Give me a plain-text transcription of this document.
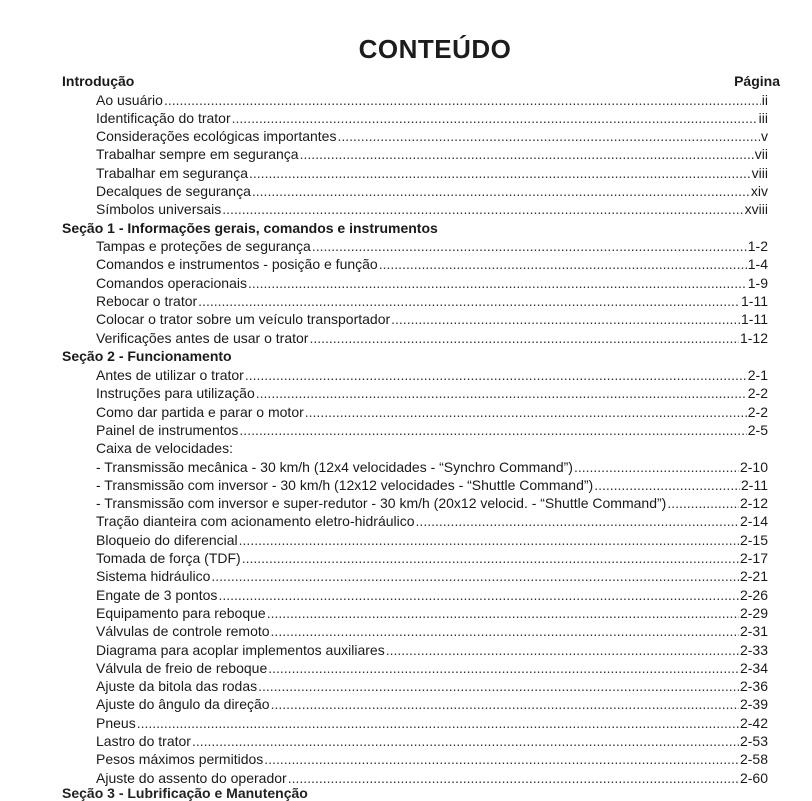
CONTEÚDO
Introdução	Página
Ao usuário .....	ii
Identificação do trator .....	iii
Considerações ecológicas importantes .....	v
Trabalhar sempre em segurança .....	vii
Trabalhar em segurança .....	viii
Decalques de segurança .....	xiv
Símbolos universais .....	xviii
Seção 1 - Informações gerais, comandos e instrumentos
Tampas e proteções de segurança .....	1-2
Comandos e instrumentos - posição e função .....	1-4
Comandos operacionais .....	1-9
Rebocar o trator .....	1-11
Colocar o trator sobre um veículo transportador .....	1-11
Verificações antes de usar o trator .....	1-12
Seção 2 - Funcionamento
Antes de utilizar o trator .....	2-1
Instruções para utilização .....	2-2
Como dar partida e parar o motor .....	2-2
Painel de instrumentos .....	2-5
Caixa de velocidades:
- Transmissão mecânica - 30 km/h (12x4 velocidades - “Synchro Command”) .....	2-10
- Transmissão com inversor - 30 km/h (12x12 velocidades - “Shuttle Command”) .....	2-11
- Transmissão com inversor e super-redutor - 30 km/h (20x12 velocid. - “Shuttle Command”) .....	2-12
Tração dianteira com acionamento eletro-hidráulico .....	2-14
Bloqueio do diferencial .....	2-15
Tomada de força (TDF) .....	2-17
Sistema hidráulico .....	2-21
Engate de 3 pontos .....	2-26
Equipamento para reboque .....	2-29
Válvulas de controle remoto .....	2-31
Diagrama para acoplar implementos auxiliares .....	2-33
Válvula de freio de reboque .....	2-34
Ajuste da bitola das rodas .....	2-36
Ajuste do ângulo da direção .....	2-39
Pneus .....	2-42
Lastro do trator .....	2-53
Pesos máximos permitidos .....	2-58
Ajuste do assento do operador .....	2-60
Seção 3 - Lubrificação e Manutenção
